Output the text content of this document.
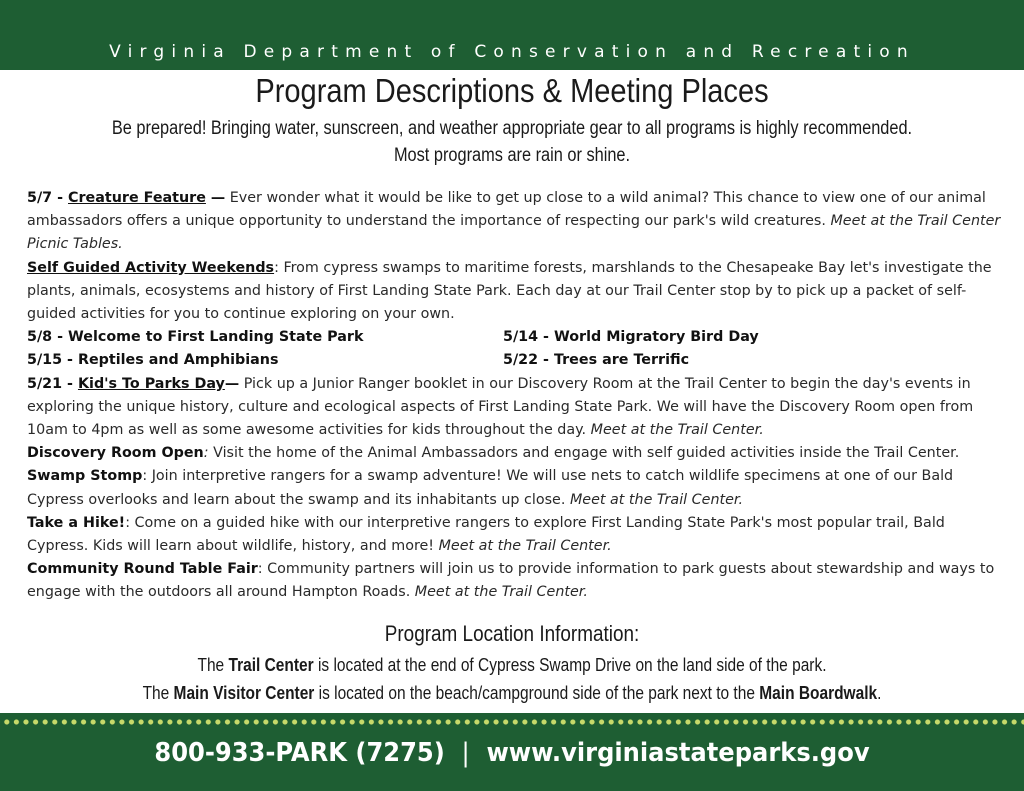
Virginia Department of Conservation and Recreation
Program Descriptions & Meeting Places
Be prepared! Bringing water, sunscreen, and weather appropriate gear to all programs is highly recommended.
Most programs are rain or shine.

5/7 - Creature Feature — Ever wonder what it would be like to get up close to a wild animal? This chance to view one of our animal ambassadors offers a unique opportunity to understand the importance of respecting our park's wild creatures. Meet at the Trail Center Picnic Tables.

Self Guided Activity Weekends: From cypress swamps to maritime forests, marshlands to the Chesapeake Bay let's investigate the plants, animals, ecosystems and history of First Landing State Park. Each day at our Trail Center stop by to pick up a packet of self-guided activities for you to continue exploring on your own.

5/8 - Welcome to First Landing State Park	5/14 - World Migratory Bird Day
5/15 - Reptiles and Amphibians	5/22 - Trees are Terrific

5/21 - Kid's To Parks Day— Pick up a Junior Ranger booklet in our Discovery Room at the Trail Center to begin the day's events in exploring the unique history, culture and ecological aspects of First Landing State Park. We will have the Discovery Room open from 10am to 4pm as well as some awesome activities for kids throughout the day. Meet at the Trail Center.

Discovery Room Open: Visit the home of the Animal Ambassadors and engage with self guided activities inside the Trail Center.

Swamp Stomp: Join interpretive rangers for a swamp adventure! We will use nets to catch wildlife specimens at one of our Bald Cypress overlooks and learn about the swamp and its inhabitants up close. Meet at the Trail Center.

Take a Hike!: Come on a guided hike with our interpretive rangers to explore First Landing State Park's most popular trail, Bald Cypress. Kids will learn about wildlife, history, and more! Meet at the Trail Center.

Community Round Table Fair: Community partners will join us to provide information to park guests about stewardship and ways to engage with the outdoors all around Hampton Roads. Meet at the Trail Center.

Program Location Information:
The Trail Center is located at the end of Cypress Swamp Drive on the land side of the park.
The Main Visitor Center is located on the beach/campground side of the park next to the Main Boardwalk.
800-933-PARK (7275) | www.virginiastateparks.gov
